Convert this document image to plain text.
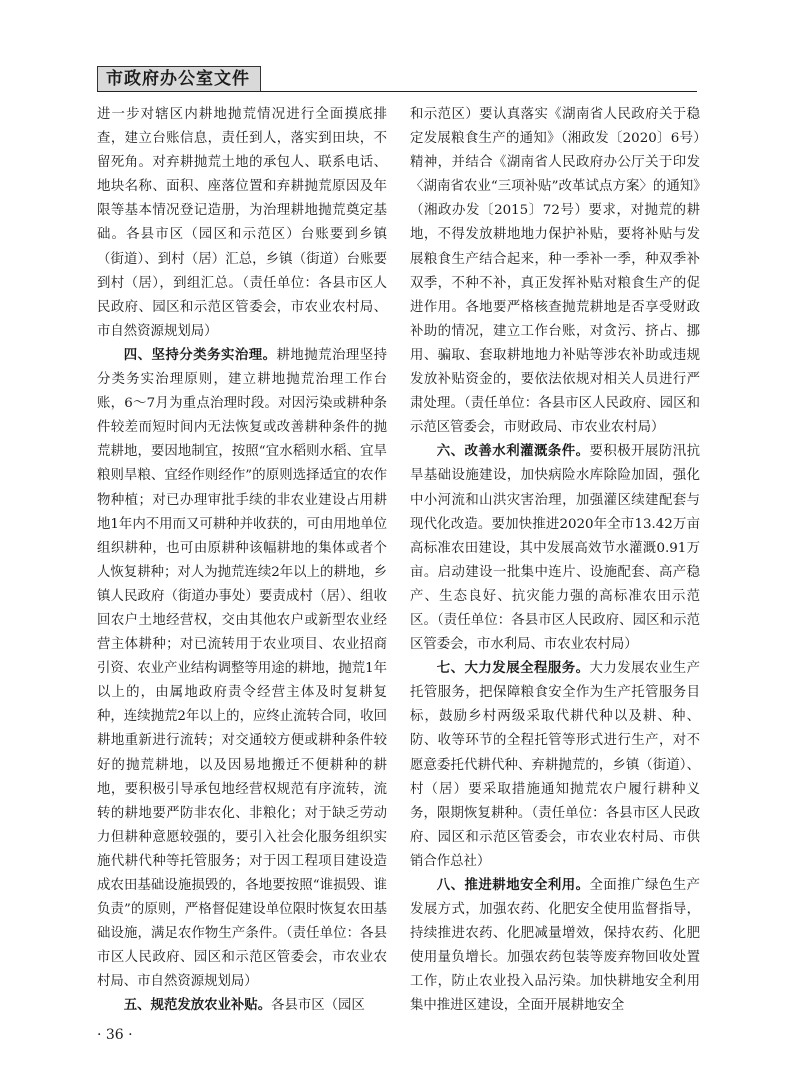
市政府办公室文件

进一步对辖区内耕地抛荒情况进行全面摸底排查，建立台账信息，责任到人，落实到田块，不留死角。对弃耕抛荒土地的承包人、联系电话、地块名称、面积、座落位置和弃耕抛荒原因及年限等基本情况登记造册，为治理耕地抛荒奠定基础。各县市区（园区和示范区）台账要到乡镇（街道）、到村（居）汇总，乡镇（街道）台账要到村（居），到组汇总。（责任单位：各县市区人民政府、园区和示范区管委会，市农业农村局、市自然资源规划局）

四、坚持分类务实治理。耕地抛荒治理坚持分类务实治理原则，建立耕地抛荒治理工作台账，6～7月为重点治理时段。对因污染或耕种条件较差而短时间内无法恢复或改善耕种条件的抛荒耕地，要因地制宜，按照“宜水稻则水稻、宜旱粮则旱粮、宜经作则经作”的原则选择适宜的农作物种植；对已办理审批手续的非农业建设占用耕地1年内不用而又可耕种并收获的，可由用地单位组织耕种，也可由原耕种该幅耕地的集体或者个人恢复耕种；对人为抛荒连续2年以上的耕地，乡镇人民政府（街道办事处）要责成村（居）、组收回农户土地经营权，交由其他农户或新型农业经营主体耕种；对已流转用于农业项目、农业招商引资、农业产业结构调整等用途的耕地，抛荒1年以上的，由属地政府责令经营主体及时复耕复种，连续抛荒2年以上的，应终止流转合同，收回耕地重新进行流转；对交通较方便或耕种条件较好的抛荒耕地，以及因易地搬迁不便耕种的耕地，要积极引导承包地经营权规范有序流转，流转的耕地要严防非农化、非粮化；对于缺乏劳动力但耕种意愿较强的，要引入社会化服务组织实施代耕代种等托管服务；对于因工程项目建设造成农田基础设施损毁的，各地要按照“谁损毁、谁负责”的原则，严格督促建设单位限时恢复农田基础设施，满足农作物生产条件。（责任单位：各县市区人民政府、园区和示范区管委会，市农业农村局、市自然资源规划局）

五、规范发放农业补贴。各县市区（园区

和示范区）要认真落实《湖南省人民政府关于稳定发展粮食生产的通知》（湘政发〔2020〕6号）精神，并结合《湖南省人民政府办公厅关于印发〈湖南省农业“三项补贴”改革试点方案〉的通知》（湘政办发〔2015〕72号）要求，对抛荒的耕地，不得发放耕地地力保护补贴，要将补贴与发展粮食生产结合起来，种一季补一季，种双季补双季，不种不补，真正发挥补贴对粮食生产的促进作用。各地要严格核查抛荒耕地是否享受财政补助的情况，建立工作台账，对贪污、挤占、挪用、骗取、套取耕地地力补贴等涉农补助或违规发放补贴资金的，要依法依规对相关人员进行严肃处理。（责任单位：各县市区人民政府、园区和示范区管委会，市财政局、市农业农村局）

六、改善水利灌溉条件。要积极开展防汛抗旱基础设施建设，加快病险水库除险加固，强化中小河流和山洪灾害治理，加强灌区续建配套与现代化改造。要加快推进2020年全市13.42万亩高标准农田建设，其中发展高效节水灌溉0.91万亩。启动建设一批集中连片、设施配套、高产稳产、生态良好、抗灾能力强的高标准农田示范区。（责任单位：各县市区人民政府、园区和示范区管委会，市水利局、市农业农村局）

七、大力发展全程服务。大力发展农业生产托管服务，把保障粮食安全作为生产托管服务目标，鼓励乡村两级采取代耕代种以及耕、种、防、收等环节的全程托管等形式进行生产，对不愿意委托代耕代种、弃耕抛荒的，乡镇（街道）、村（居）要采取措施通知抛荒农户履行耕种义务，限期恢复耕种。（责任单位：各县市区人民政府、园区和示范区管委会，市农业农村局、市供销合作总社）

八、推进耕地安全利用。全面推广绿色生产发展方式，加强农药、化肥安全使用监督指导，持续推进农药、化肥减量增效，保持农药、化肥使用量负增长。加强农药包装等废弃物回收处置工作，防止农业投入品污染。加快耕地安全利用集中推进区建设，全面开展耕地安全

· 36 ·
